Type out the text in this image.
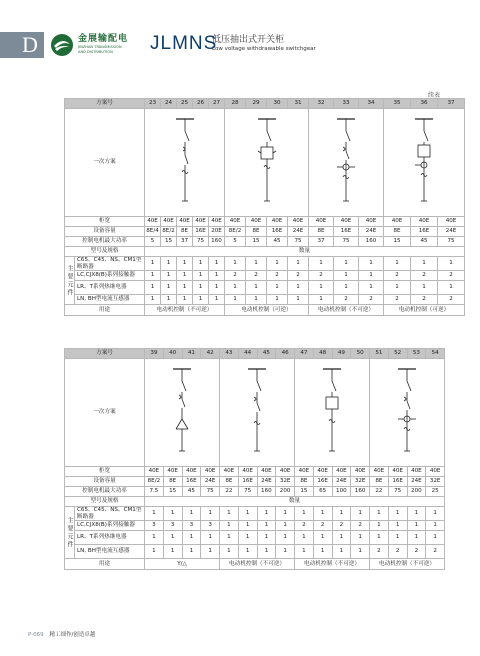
D	金展输配电
JINZHAN TRANSMISSION
AND DISTRIBUTION	JLMNS
低压抽出式开关柜
Low voltage withdrawable switchgear
续表
方案号		23	24	25	26	27	28	29	30	31	32	33	34	35	36	37
一次方案	

柜宽		40E	40E	40E	40E	40E	40E	40E	40E	40E	40E	40E	40E	40E	40E	40E
设备容量		8E/4	8E/2	8E	16E	20E	8E/2	8E	16E	24E	8E	16E	24E	8E	16E	24E
控制电机最大功率		5	15	37	75	160	5	15	45	75	37	75	160	15	45	75
型号及规格		数量														
主要元件	C65、C45、NS、CM1型断路器	1	1	1	1	1	1	1	1	1	1	1	1	1	1	1
	LC,CJX8(B)系列接触器	1	1	1	1	1	2	2	2	2	2	1	1	2	2	2
	LR、T系列热继电器	1	1	1	1	1	1	1	1	1	1	1	1	1	1	1
	LN, BH型电流互感器	1	1	1	1	1	1	1	1	1	1	2	2	2	2	2
用途		电动机控制（不可逆）					电动机控制（可逆）				电动机控制（不可逆）			电动机控制（可逆）		
方案号		39	40	41	42	43	44	45	46	47	48	49	50	51	52	53	54
一次方案	

柜宽		40E	40E	40E	40E	40E	40E	40E	40E	40E	40E	40E	40E	40E	40E	40E	40E
设备容量		8E/2	8E	16E	24E	8E	16E	24E	32E	8E	16E	24E	32E	8E	16E	24E	32E
控制电机最大功率		7.5	15	45	75	22	75	160	200	15	65	100	160	22	75	200	25
型号及规格		数量															
主要元件	C65、C45、NS、CM1型断路器	1	1	1	1	1	1	1	1	1	1	1	1	1	1	1	1
	LC,CJX8(B)系列接触器	3	3	3	3	1	1	1	1	2	2	2	2	1	1	1	1
	LR、T系列热继电器	1	1	1	1	1	1	1	1	1	1	1	1	1	1	1	1
	LN, BH型电流互感器	1	1	1	1	1	1	1	1	1	1	1	1	2	2	2	2
用途		Y/△				电动机控制（不可逆）				电动机控制（不可逆）				电动机控制（不可逆）			
P-069 精工细作/创造卓越
